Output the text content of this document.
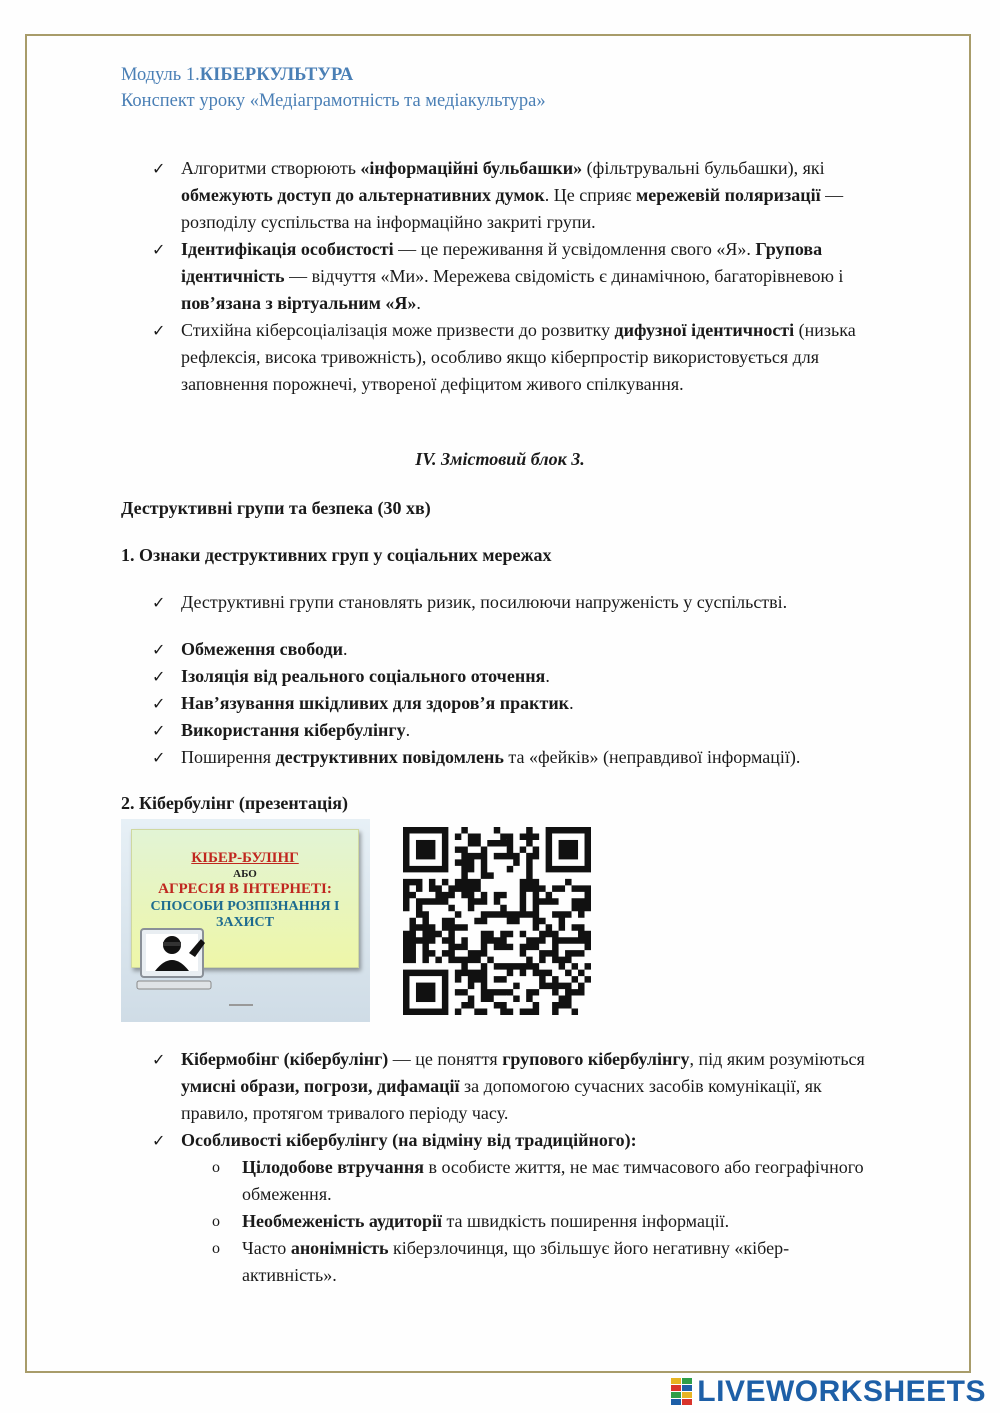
Модуль 1.КІБЕРКУЛЬТУРА
Конспект уроку «Медіаграмотність та медіакультура»
✓ Алгоритми створюють «інформаційні бульбашки» (фільтрувальні бульбашки), які обмежують доступ до альтернативних думок. Це сприяє мережевій поляризації — розподілу суспільства на інформаційно закриті групи.
✓ Ідентифікація особистості — це переживання й усвідомлення свого «Я». Групова ідентичність — відчуття «Ми». Мережева свідомість є динамічною, багаторівневою і пов’язана з віртуальним «Я».
✓ Стихійна кіберсоціалізація може призвести до розвитку дифузної ідентичності (низька рефлексія, висока тривожність), особливо якщо кіберпростір використовується для заповнення порожнечі, утвореної дефіцитом живого спілкування.
IV. Змістовий блок 3.
Деструктивні групи та безпека (30 хв)
1. Ознаки деструктивних груп у соціальних мережах
✓ Деструктивні групи становлять ризик, посилюючи напруженість у суспільстві.
✓ Обмеження свободи.
✓ Ізоляція від реального соціального оточення.
✓ Нав’язування шкідливих для здоров’я практик.
✓ Використання кібербулінгу.
✓ Поширення деструктивних повідомлень та «фейків» (неправдивої інформації).
2. Кібербулінг (презентація)
КІБЕР-БУЛІНГ
АБО
АГРЕСІЯ В ІНТЕРНЕТІ:
СПОСОБИ РОЗПІЗНАННЯ І
ЗАХИСТ
✓ Кібермобінг (кібербулінг) — це поняття групового кібербулінгу, під яким розуміються умисні образи, погрози, дифамації за допомогою сучасних засобів комунікації, як правило, протягом тривалого періоду часу.
✓ Особливості кібербулінгу (на відміну від традиційного):
o Цілодобове втручання в особисте життя, не має тимчасового або географічного обмеження.
o Необмеженість аудиторії та швидкість поширення інформації.
o Часто анонімність кіберзлочинця, що збільшує його негативну «кібер-активність».
LIVEWORKSHEETS
